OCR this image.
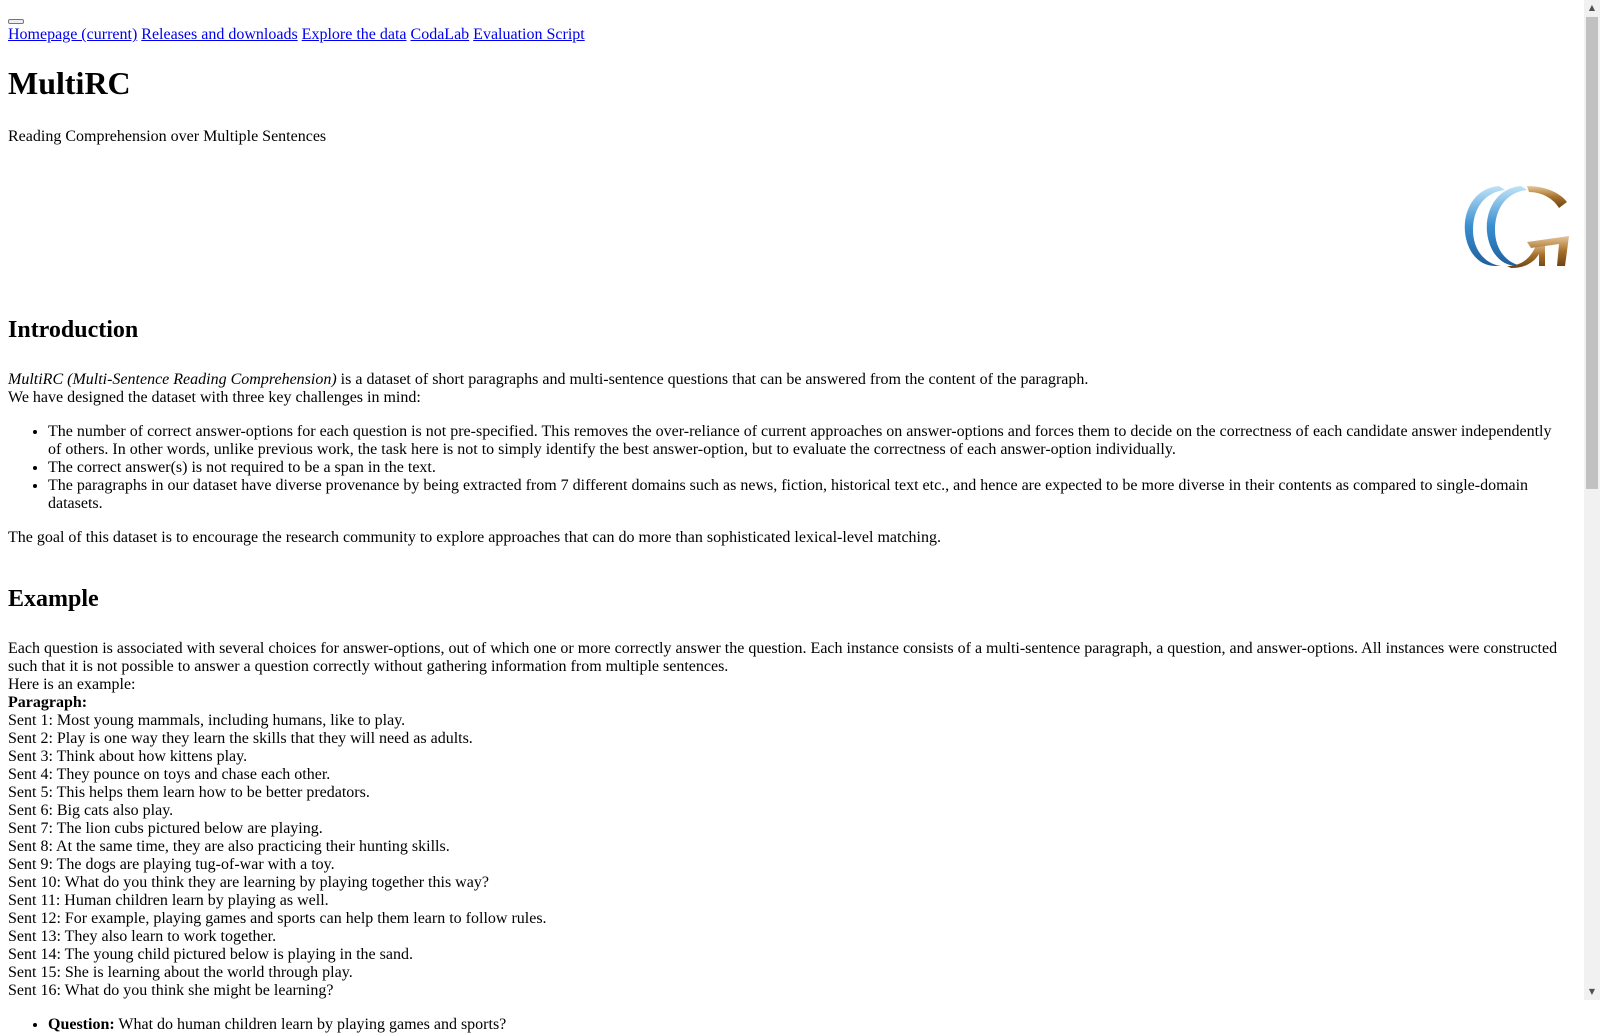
Homepage (current) Releases and downloads Explore the data CodaLab Evaluation Script
MultiRC

Reading Comprehension over Multiple Sentences

Introduction

MultiRC (Multi-Sentence Reading Comprehension) is a dataset of short paragraphs and multi-sentence questions that can be answered from the content of the paragraph.

We have designed the dataset with three key challenges in mind:

• The number of correct answer-options for each question is not pre-specified. This removes the over-reliance of current approaches on answer-options and forces them to decide on the correctness of each candidate answer independently of others. In other words, unlike previous work, the task here is not to simply identify the best answer-option, but to evaluate the correctness of each answer-option individually.
• The correct answer(s) is not required to be a span in the text.
• The paragraphs in our dataset have diverse provenance by being extracted from 7 different domains such as news, fiction, historical text etc., and hence are expected to be more diverse in their contents as compared to single-domain datasets.

The goal of this dataset is to encourage the research community to explore approaches that can do more than sophisticated lexical-level matching.

Example

Each question is associated with several choices for answer-options, out of which one or more correctly answer the question. Each instance consists of a multi-sentence paragraph, a question, and answer-options. All instances were constructed such that it is not possible to answer a question correctly without gathering information from multiple sentences.

Here is an example:

Paragraph:

Sent 1: Most young mammals, including humans, like to play.
Sent 2: Play is one way they learn the skills that they will need as adults.
Sent 3: Think about how kittens play.
Sent 4: They pounce on toys and chase each other.
Sent 5: This helps them learn how to be better predators.
Sent 6: Big cats also play.
Sent 7: The lion cubs pictured below are playing.
Sent 8: At the same time, they are also practicing their hunting skills.
Sent 9: The dogs are playing tug-of-war with a toy.
Sent 10: What do you think they are learning by playing together this way?
Sent 11: Human children learn by playing as well.
Sent 12: For example, playing games and sports can help them learn to follow rules.
Sent 13: They also learn to work together.
Sent 14: The young child pictured below is playing in the sand.
Sent 15: She is learning about the world through play.
Sent 16: What do you think she might be learning?
• Question: What do human children learn by playing games and sports?
▲
▼
